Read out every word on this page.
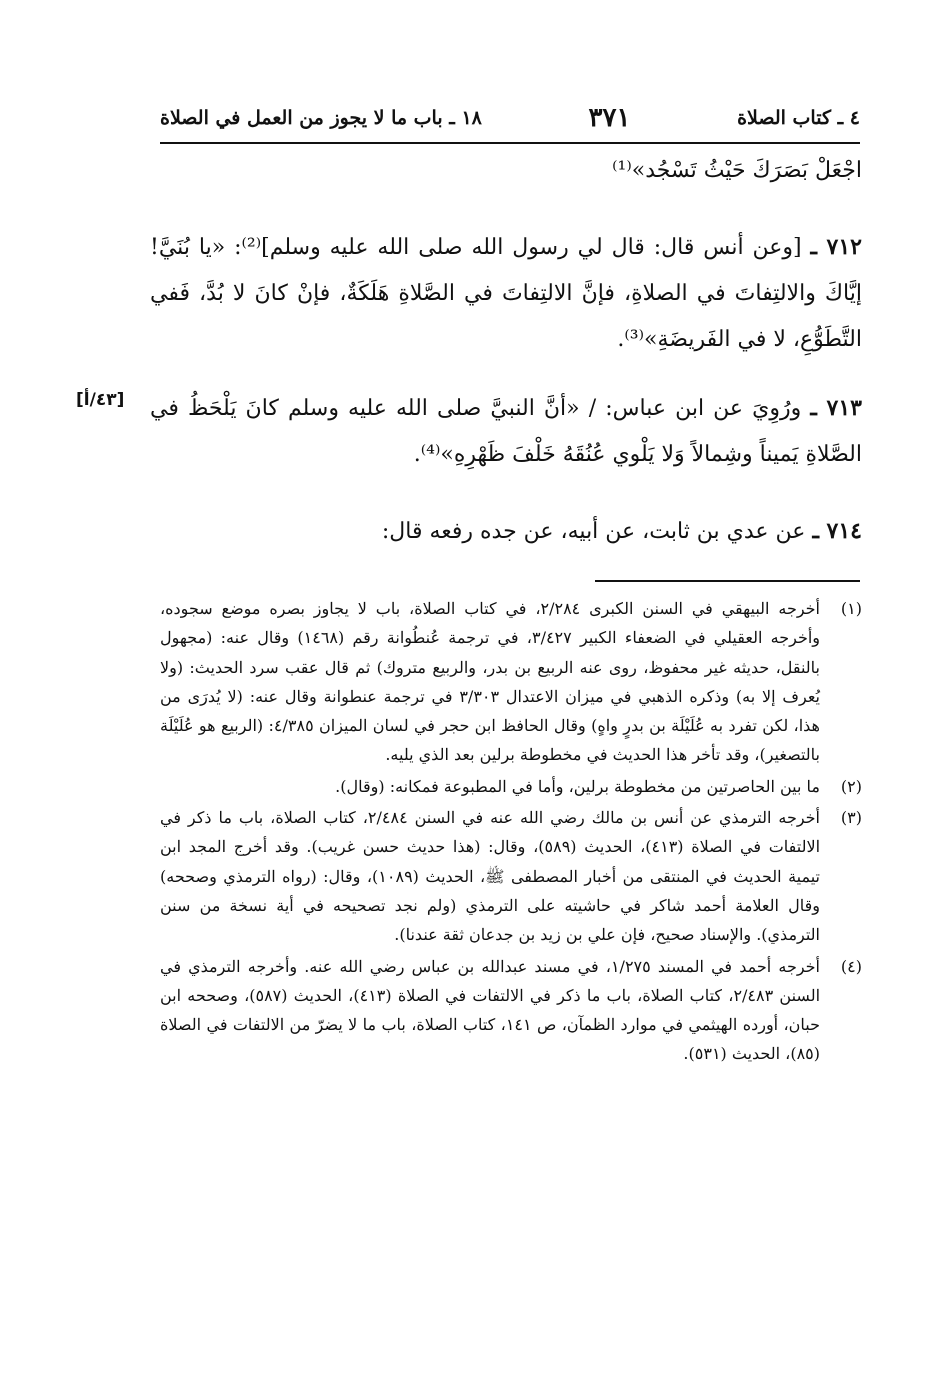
٤ ـ كتاب الصلاة
٣٧١
١٨ ـ باب ما لا يجوز من العمل في الصلاة

اجْعَلْ بَصَرَكَ حَيْثُ تَسْجُد»⁽¹⁾

٧١٢ ـ [وعن أنس قال: قال لي رسول الله صلى الله عليه وسلم]⁽²⁾: «يا بُنَيَّ! إيَّاكَ والالتِفاتَ في الصلاةِ، فإنَّ الالتِفاتَ في الصَّلاةِ هَلَكَةٌ، فإنْ كانَ لا بُدَّ، فَفي التَّطَوُّعِ، لا في الفَريضَةِ»⁽³⁾.

٧١٣ ـ ورُوِيَ عن ابن عباس: / «أنَّ النبيَّ صلى الله عليه وسلم كانَ يَلْحَظُ في الصَّلاةِ يَميناً وشِمالاً وَلا يَلْوي عُنُقَهُ خَلْفَ ظَهْرِهِ»⁽⁴⁾.

٧١٤ ـ عن عدي بن ثابت، عن أبيه، عن جده رفعه قال:

[٤٣/أ]
(١)
أخرجه البيهقي في السنن الكبرى ٢/٢٨٤، في كتاب الصلاة، باب لا يجاوز بصره موضع سجوده، وأخرجه العقيلي في الضعفاء الكبير ٣/٤٢٧، في ترجمة عُنطُوانة رقم (١٤٦٨) وقال عنه: (مجهول بالنقل، حديثه غير محفوظ، روى عنه الربيع بن بدر، والربيع متروك) ثم قال عقب سرد الحديث: (ولا يُعرف إلا به) وذكره الذهبي في ميزان الاعتدال ٣/٣٠٣ في ترجمة عنطوانة وقال عنه: (لا يُدرَى من هذا، لكن تفرد به عُلَيْلَة بن بدرٍ واهٍ) وقال الحافظ ابن حجر في لسان الميزان ٤/٣٨٥: (الربيع هو عُلَيْلَة بالتصغير)، وقد تأخر هذا الحديث في مخطوطة برلين بعد الذي يليه.
(٢)
ما بين الحاصرتين من مخطوطة برلين، وأما في المطبوعة فمكانه: (وقال).
(٣)
أخرجه الترمذي عن أنس بن مالك رضي الله عنه في السنن ٢/٤٨٤، كتاب الصلاة، باب ما ذكر في الالتفات في الصلاة (٤١٣)، الحديث (٥٨٩)، وقال: (هذا حديث حسن غريب). وقد أخرج المجد ابن تيمية الحديث في المنتقى من أخبار المصطفى ﷺ، الحديث (١٠٨٩)، وقال: (رواه الترمذي وصححه) وقال العلامة أحمد شاكر في حاشيته على الترمذي (ولم نجد تصحيحه في أية نسخة من سنن الترمذي). والإسناد صحيح، فإن علي بن زيد بن جدعان ثقة عندنا).
(٤)
أخرجه أحمد في المسند ١/٢٧٥، في مسند عبدالله بن عباس رضي الله عنه. وأخرجه الترمذي في السنن ٢/٤٨٣، كتاب الصلاة، باب ما ذكر في الالتفات في الصلاة (٤١٣)، الحديث (٥٨٧)، وصححه ابن حبان، أورده الهيثمي في موارد الظمآن، ص ١٤١، كتاب الصلاة، باب ما لا يضرّ من الالتفات في الصلاة (٨٥)، الحديث (٥٣١).
